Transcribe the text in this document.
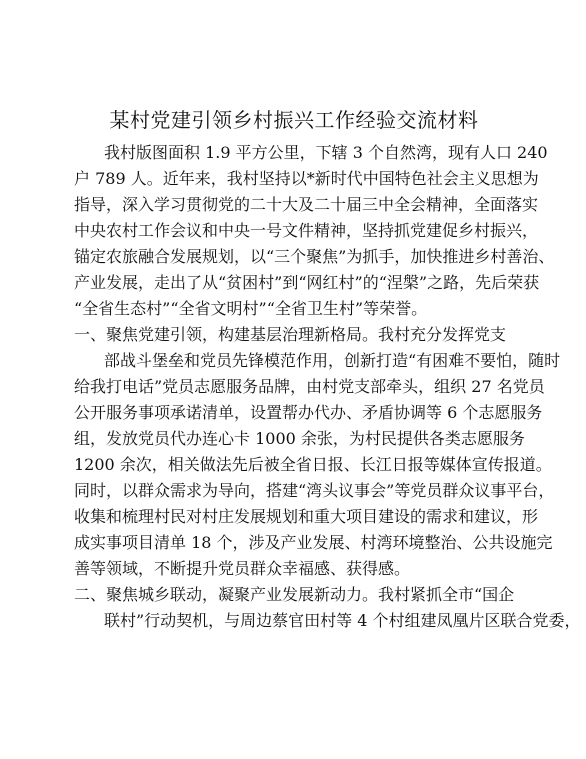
某村党建引领乡村振兴工作经验交流材料
我村版图面积 1.9 平方公里，下辖 3 个自然湾，现有人口 240
户 789 人。近年来，我村坚持以*新时代中国特色社会主义思想为
指导，深入学习贯彻党的二十大及二十届三中全会精神，全面落实
中央农村工作会议和中央一号文件精神，坚持抓党建促乡村振兴，
锚定农旅融合发展规划，以“三个聚焦”为抓手，加快推进乡村善治、
产业发展，走出了从“贫困村”到“网红村”的“涅槃”之路，先后荣获
“全省生态村”“全省文明村”“全省卫生村”等荣誉。
一、聚焦党建引领，构建基层治理新格局。我村充分发挥党支
部战斗堡垒和党员先锋模范作用，创新打造“有困难不要怕，随时
给我打电话”党员志愿服务品牌，由村党支部牵头，组织 27 名党员
公开服务事项承诺清单，设置帮办代办、矛盾协调等 6 个志愿服务
组，发放党员代办连心卡 1000 余张，为村民提供各类志愿服务
1200 余次，相关做法先后被全省日报、长江日报等媒体宣传报道。
同时，以群众需求为导向，搭建“湾头议事会”等党员群众议事平台，
收集和梳理村民对村庄发展规划和重大项目建设的需求和建议，形
成实事项目清单 18 个，涉及产业发展、村湾环境整治、公共设施完
善等领域，不断提升党员群众幸福感、获得感。
二、聚焦城乡联动，凝聚产业发展新动力。我村紧抓全市“国企
联村”行动契机，与周边蔡官田村等 4 个村组建凤凰片区联合党委，
